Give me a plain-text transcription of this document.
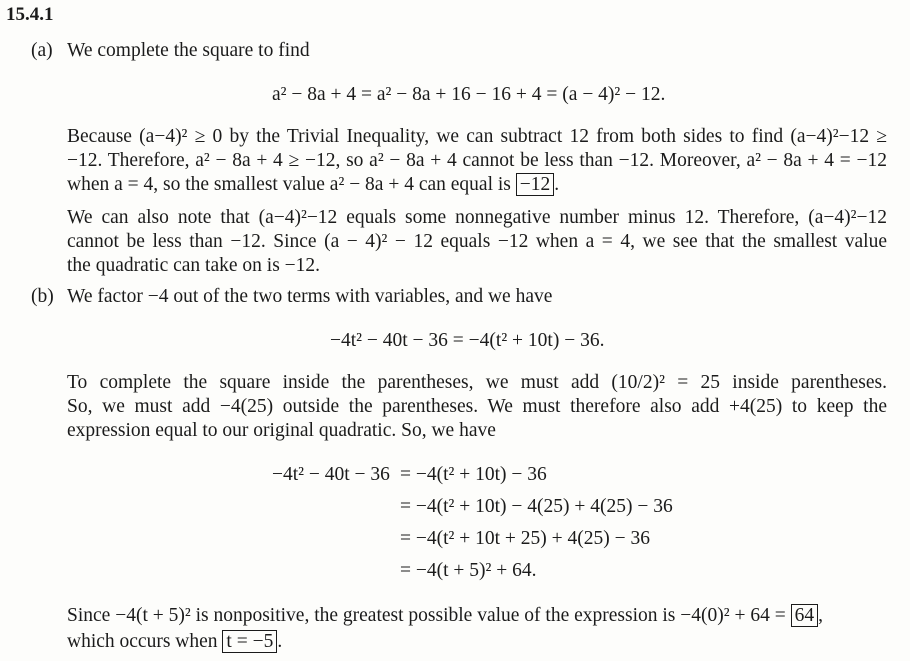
15.4.1
(a) We complete the square to find
a² − 8a + 4 = a² − 8a + 16 − 16 + 4 = (a − 4)² − 12.
Because (a−4)² ≥ 0 by the Trivial Inequality, we can subtract 12 from both sides to find (a−4)²−12 ≥
−12. Therefore, a² − 8a + 4 ≥ −12, so a² − 8a + 4 cannot be less than −12. Moreover, a² − 8a + 4 = −12
when a = 4, so the smallest value a² − 8a + 4 can equal is −12 .
We can also note that (a−4)²−12 equals some nonnegative number minus 12. Therefore, (a−4)²−12
cannot be less than −12. Since (a − 4)² − 12 equals −12 when a = 4, we see that the smallest value
the quadratic can take on is −12.
(b) We factor −4 out of the two terms with variables, and we have
−4t² − 40t − 36 = −4(t² + 10t) − 36.
To complete the square inside the parentheses, we must add (10/2)² = 25 inside parentheses.
So, we must add −4(25) outside the parentheses. We must therefore also add +4(25) to keep the
expression equal to our original quadratic. So, we have
−4t² − 40t − 36 = −4(t² + 10t) − 36
= −4(t² + 10t) − 4(25) + 4(25) − 36
= −4(t² + 10t + 25) + 4(25) − 36
= −4(t + 5)² + 64.
Since −4(t + 5)² is nonpositive, the greatest possible value of the expression is −4(0)² + 64 = 64 ,
which occurs when t = −5 .
